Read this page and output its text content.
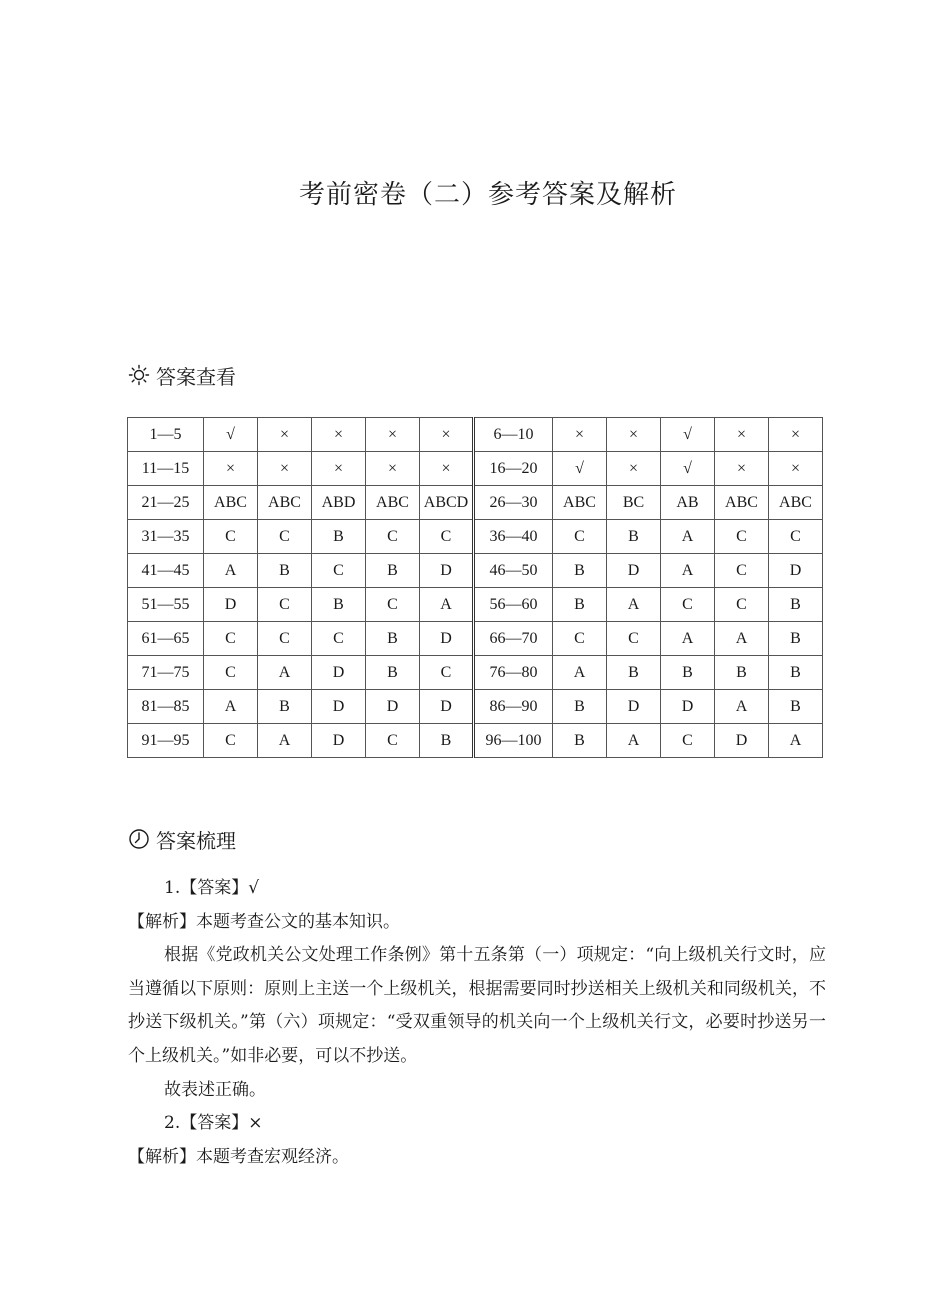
考前密卷（二）参考答案及解析
答案查看
1—5	√	×	×	×	×	6—10	×	×	√	×	×
11—15	×	×	×	×	×	16—20	√	×	√	×	×
21—25	ABC	ABC	ABD	ABC	ABCD	26—30	ABC	BC	AB	ABC	ABC
31—35	C	C	B	C	C	36—40	C	B	A	C	C
41—45	A	B	C	B	D	46—50	B	D	A	C	D
51—55	D	C	B	C	A	56—60	B	A	C	C	B
61—65	C	C	C	B	D	66—70	C	C	A	A	B
71—75	C	A	D	B	C	76—80	A	B	B	B	B
81—85	A	B	D	D	D	86—90	B	D	D	A	B
91—95	C	A	D	C	B	96—100	B	A	C	D	A
答案梳理

1.【答案】√

【解析】本题考查公文的基本知识。

根据《党政机关公文处理工作条例》第十五条第（一）项规定：“向上级机关行文时，应当遵循以下原则：原则上主送一个上级机关，根据需要同时抄送相关上级机关和同级机关，不抄送下级机关。”第（六）项规定：“受双重领导的机关向一个上级机关行文，必要时抄送另一个上级机关。”如非必要，可以不抄送。

故表述正确。

2.【答案】×

【解析】本题考查宏观经济。
